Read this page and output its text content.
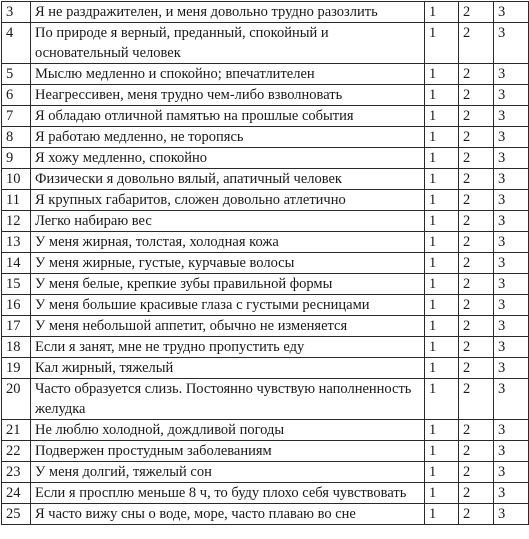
3	Я не раздражителен, и меня довольно трудно разозлить	1	2	3
4	По природе я верный, преданный, спокойный и основательный человек	1	2	3
5	Мыслю медленно и спокойно; впечатлителен	1	2	3
6	Неагрессивен, меня трудно чем-либо взволновать	1	2	3
7	Я обладаю отличной памятью на прошлые события	1	2	3
8	Я работаю медленно, не торопясь	1	2	3
9	Я хожу медленно, спокойно	1	2	3
10	Физически я довольно вялый, апатичный человек	1	2	3
11	Я крупных габаритов, сложен довольно атлетично	1	2	3
12	Легко набираю вес	1	2	3
13	У меня жирная, толстая, холодная кожа	1	2	3
14	У меня жирные, густые, курчавые волосы	1	2	3
15	У меня белые, крепкие зубы правильной формы	1	2	3
16	У меня большие красивые глаза с густыми ресницами	1	2	3
17	У меня небольшой аппетит, обычно не изменяется	1	2	3
18	Если я занят, мне не трудно пропустить еду	1	2	3
19	Кал жирный, тяжелый	1	2	3
20	Часто образуется слизь. Постоянно чувствую наполненность желудка	1	2	3
21	Не люблю холодной, дождливой погоды	1	2	3
22	Подвержен простудным заболеваниям	1	2	3
23	У меня долгий, тяжелый сон	1	2	3
24	Если я просплю меньше 8 ч, то буду плохо себя чувствовать	1	2	3
25	Я часто вижу сны о воде, море, часто плаваю во сне	1	2	3
